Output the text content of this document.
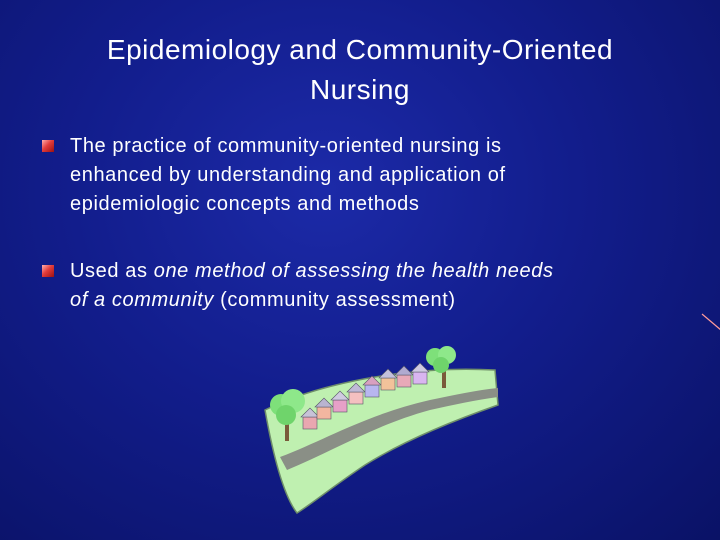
Epidemiology and Community-Oriented
Nursing
The practice of community-oriented nursing is
enhanced by understanding and application of
epidemiologic concepts and methods
Used as one method of assessing the health needs
of a community (community assessment)
